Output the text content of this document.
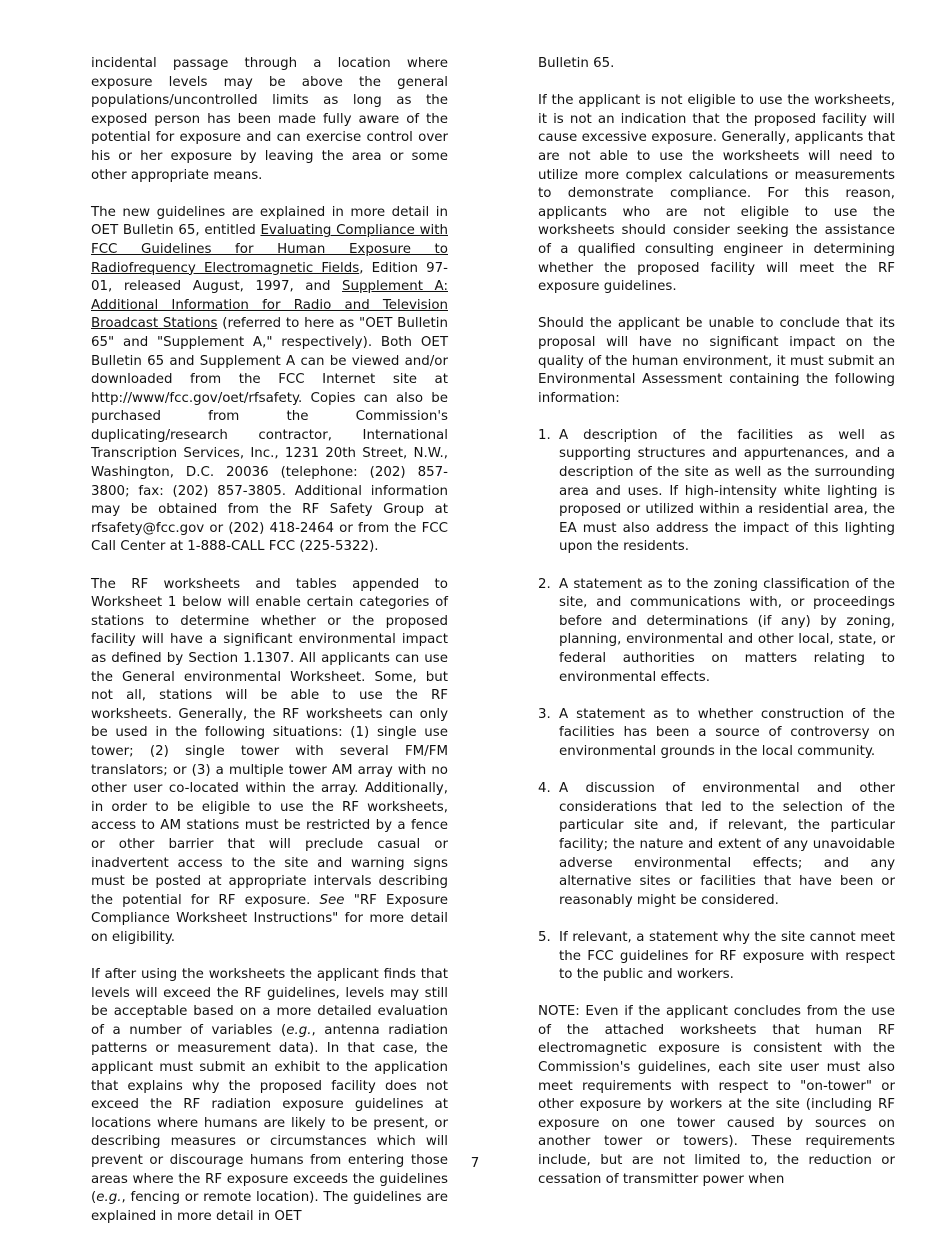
incidental passage through a location where exposure levels may be above the general populations/uncontrolled limits as long as the exposed person has been made fully aware of the potential for exposure and can exercise control over his or her exposure by leaving the area or some other appropriate means.

The new guidelines are explained in more detail in OET Bulletin 65, entitled Evaluating Compliance with FCC Guidelines for Human Exposure to Radiofrequency Electromagnetic Fields, Edition 97-01, released August, 1997, and Supplement A: Additional Information for Radio and Television Broadcast Stations (referred to here as "OET Bulletin 65" and "Supplement A," respectively). Both OET Bulletin 65 and Supplement A can be viewed and/or downloaded from the FCC Internet site at http://www/fcc.gov/oet/rfsafety. Copies can also be purchased from the Commission's duplicating/research contractor, International Transcription Services, Inc., 1231 20th Street, N.W., Washington, D.C. 20036 (telephone: (202) 857-3800; fax: (202) 857-3805. Additional information may be obtained from the RF Safety Group at rfsafety@fcc.gov or (202) 418-2464 or from the FCC Call Center at 1-888-CALL FCC (225-5322).

The RF worksheets and tables appended to Worksheet 1 below will enable certain categories of stations to determine whether or the proposed facility will have a significant environmental impact as defined by Section 1.1307. All applicants can use the General environmental Worksheet. Some, but not all, stations will be able to use the RF worksheets. Generally, the RF worksheets can only be used in the following situations: (1) single use tower; (2) single tower with several FM/FM translators; or (3) a multiple tower AM array with no other user co-located within the array. Additionally, in order to be eligible to use the RF worksheets, access to AM stations must be restricted by a fence or other barrier that will preclude casual or inadvertent access to the site and warning signs must be posted at appropriate intervals describing the potential for RF exposure. See "RF Exposure Compliance Worksheet Instructions" for more detail on eligibility.

If after using the worksheets the applicant finds that levels will exceed the RF guidelines, levels may still be acceptable based on a more detailed evaluation of a number of variables (e.g., antenna radiation patterns or measurement data). In that case, the applicant must submit an exhibit to the application that explains why the proposed facility does not exceed the RF radiation exposure guidelines at locations where humans are likely to be present, or describing measures or circumstances which will prevent or discourage humans from entering those areas where the RF exposure exceeds the guidelines (e.g., fencing or remote location). The guidelines are explained in more detail in OET

Bulletin 65.

If the applicant is not eligible to use the worksheets, it is not an indication that the proposed facility will cause excessive exposure. Generally, applicants that are not able to use the worksheets will need to utilize more complex calculations or measurements to demonstrate compliance. For this reason, applicants who are not eligible to use the worksheets should consider seeking the assistance of a qualified consulting engineer in determining whether the proposed facility will meet the RF exposure guidelines.

Should the applicant be unable to conclude that its proposal will have no significant impact on the quality of the human environment, it must submit an Environmental Assessment containing the following information:

1. A description of the facilities as well as supporting structures and appurtenances, and a description of the site as well as the surrounding area and uses. If high-intensity white lighting is proposed or utilized within a residential area, the EA must also address the impact of this lighting upon the residents.
2. A statement as to the zoning classification of the site, and communications with, or proceedings before and determinations (if any) by zoning, planning, environmental and other local, state, or federal authorities on matters relating to environmental effects.
3. A statement as to whether construction of the facilities has been a source of controversy on environmental grounds in the local community.
4. A discussion of environmental and other considerations that led to the selection of the particular site and, if relevant, the particular facility; the nature and extent of any unavoidable adverse environmental effects; and any alternative sites or facilities that have been or reasonably might be considered.
5. If relevant, a statement why the site cannot meet the FCC guidelines for RF exposure with respect to the public and workers.

NOTE: Even if the applicant concludes from the use of the attached worksheets that human RF electromagnetic exposure is consistent with the Commission's guidelines, each site user must also meet requirements with respect to "on-tower" or other exposure by workers at the site (including RF exposure on one tower caused by sources on another tower or towers). These requirements include, but are not limited to, the reduction or cessation of transmitter power when

7
